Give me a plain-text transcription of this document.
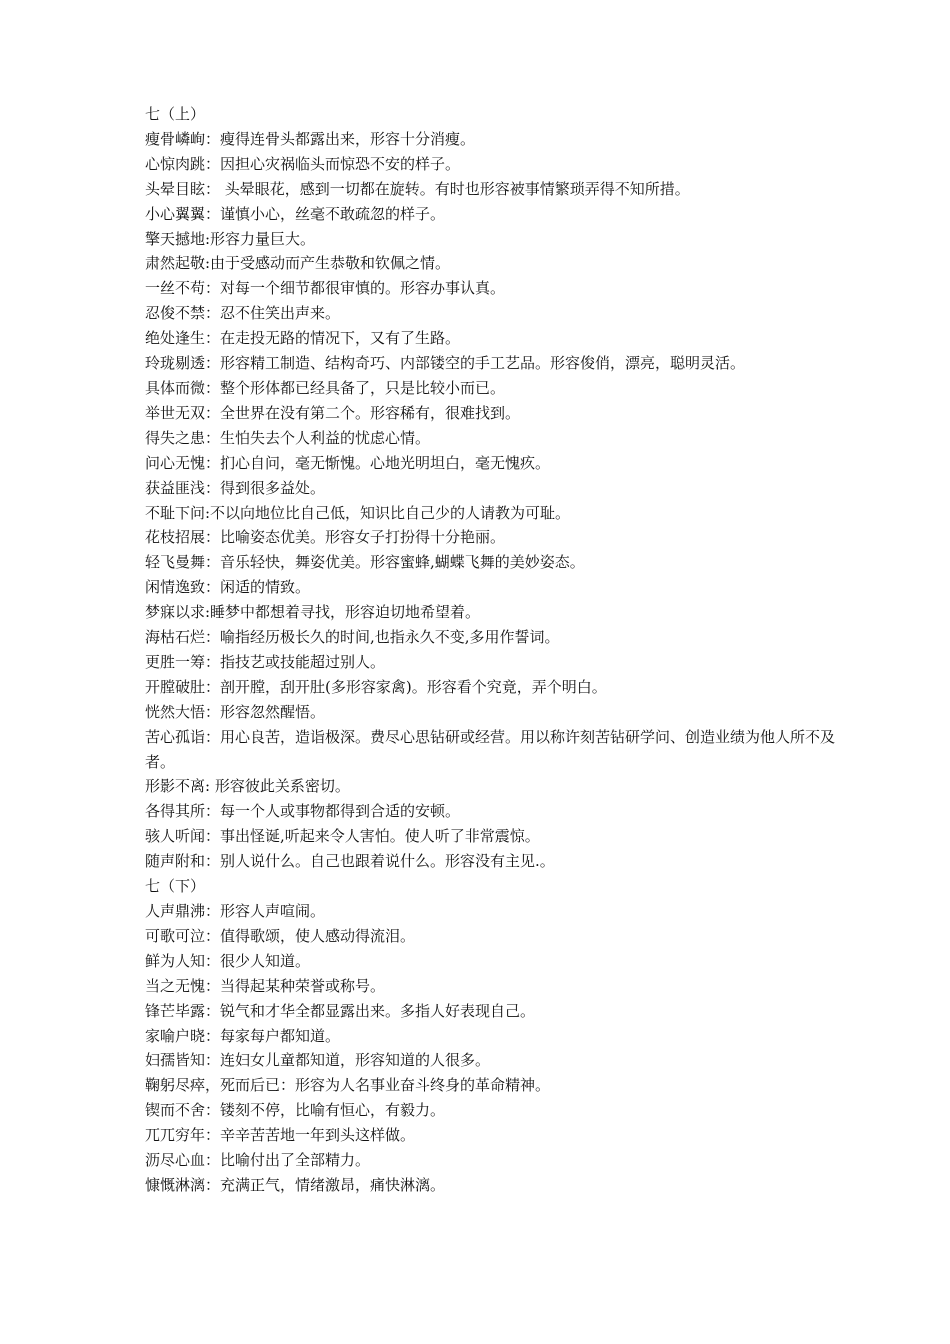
七（上）
瘦骨嶙峋：瘦得连骨头都露出来，形容十分消瘦。
心惊肉跳：因担心灾祸临头而惊恐不安的样子。
头晕目眩： 头晕眼花，感到一切都在旋转。有时也形容被事情繁琐弄得不知所措。
小心翼翼：谨慎小心，丝毫不敢疏忽的样子。
擎天撼地:形容力量巨大。
肃然起敬:由于受感动而产生恭敬和钦佩之情。
一丝不苟：对每一个细节都很审慎的。形容办事认真。
忍俊不禁：忍不住笑出声来。
绝处逢生：在走投无路的情况下，又有了生路。
玲珑剔透：形容精工制造、结构奇巧、内部镂空的手工艺品。形容俊俏，漂亮，聪明灵活。
具体而微：整个形体都已经具备了，只是比较小而已。
举世无双：全世界在没有第二个。形容稀有，很难找到。
得失之患：生怕失去个人利益的忧虑心情。
问心无愧：扪心自问，毫无惭愧。心地光明坦白，毫无愧疚。
获益匪浅：得到很多益处。
不耻下问:不以向地位比自己低，知识比自己少的人请教为可耻。
花枝招展：比喻姿态优美。形容女子打扮得十分艳丽。
轻飞曼舞：音乐轻快，舞姿优美。形容蜜蜂,蝴蝶飞舞的美妙姿态。
闲情逸致：闲适的情致。
梦寐以求:睡梦中都想着寻找，形容迫切地希望着。
海枯石烂：喻指经历极长久的时间,也指永久不变,多用作誓词。
更胜一筹：指技艺或技能超过别人。
开膛破肚：剖开膛，刮开肚(多形容家禽)。形容看个究竟，弄个明白。
恍然大悟：形容忽然醒悟。
苦心孤诣：用心良苦，造诣极深。费尽心思钻研或经营。用以称许刻苦钻研学问、创造业绩为他人所不及者。
形影不离: 形容彼此关系密切。
各得其所：每一个人或事物都得到合适的安顿。
骇人听闻：事出怪诞,听起来令人害怕。使人听了非常震惊。
随声附和：别人说什么。自己也跟着说什么。形容没有主见.。
七（下）
人声鼎沸：形容人声喧闹。
可歌可泣：值得歌颂，使人感动得流泪。
鲜为人知：很少人知道。
当之无愧：当得起某种荣誉或称号。
锋芒毕露：锐气和才华全都显露出来。多指人好表现自己。
家喻户晓：每家每户都知道。
妇孺皆知：连妇女儿童都知道，形容知道的人很多。
鞠躬尽瘁，死而后已：形容为人名事业奋斗终身的革命精神。
锲而不舍：镂刻不停，比喻有恒心，有毅力。
兀兀穷年：辛辛苦苦地一年到头这样做。
沥尽心血：比喻付出了全部精力。
慷慨淋漓：充满正气，情绪激昂，痛快淋漓。
